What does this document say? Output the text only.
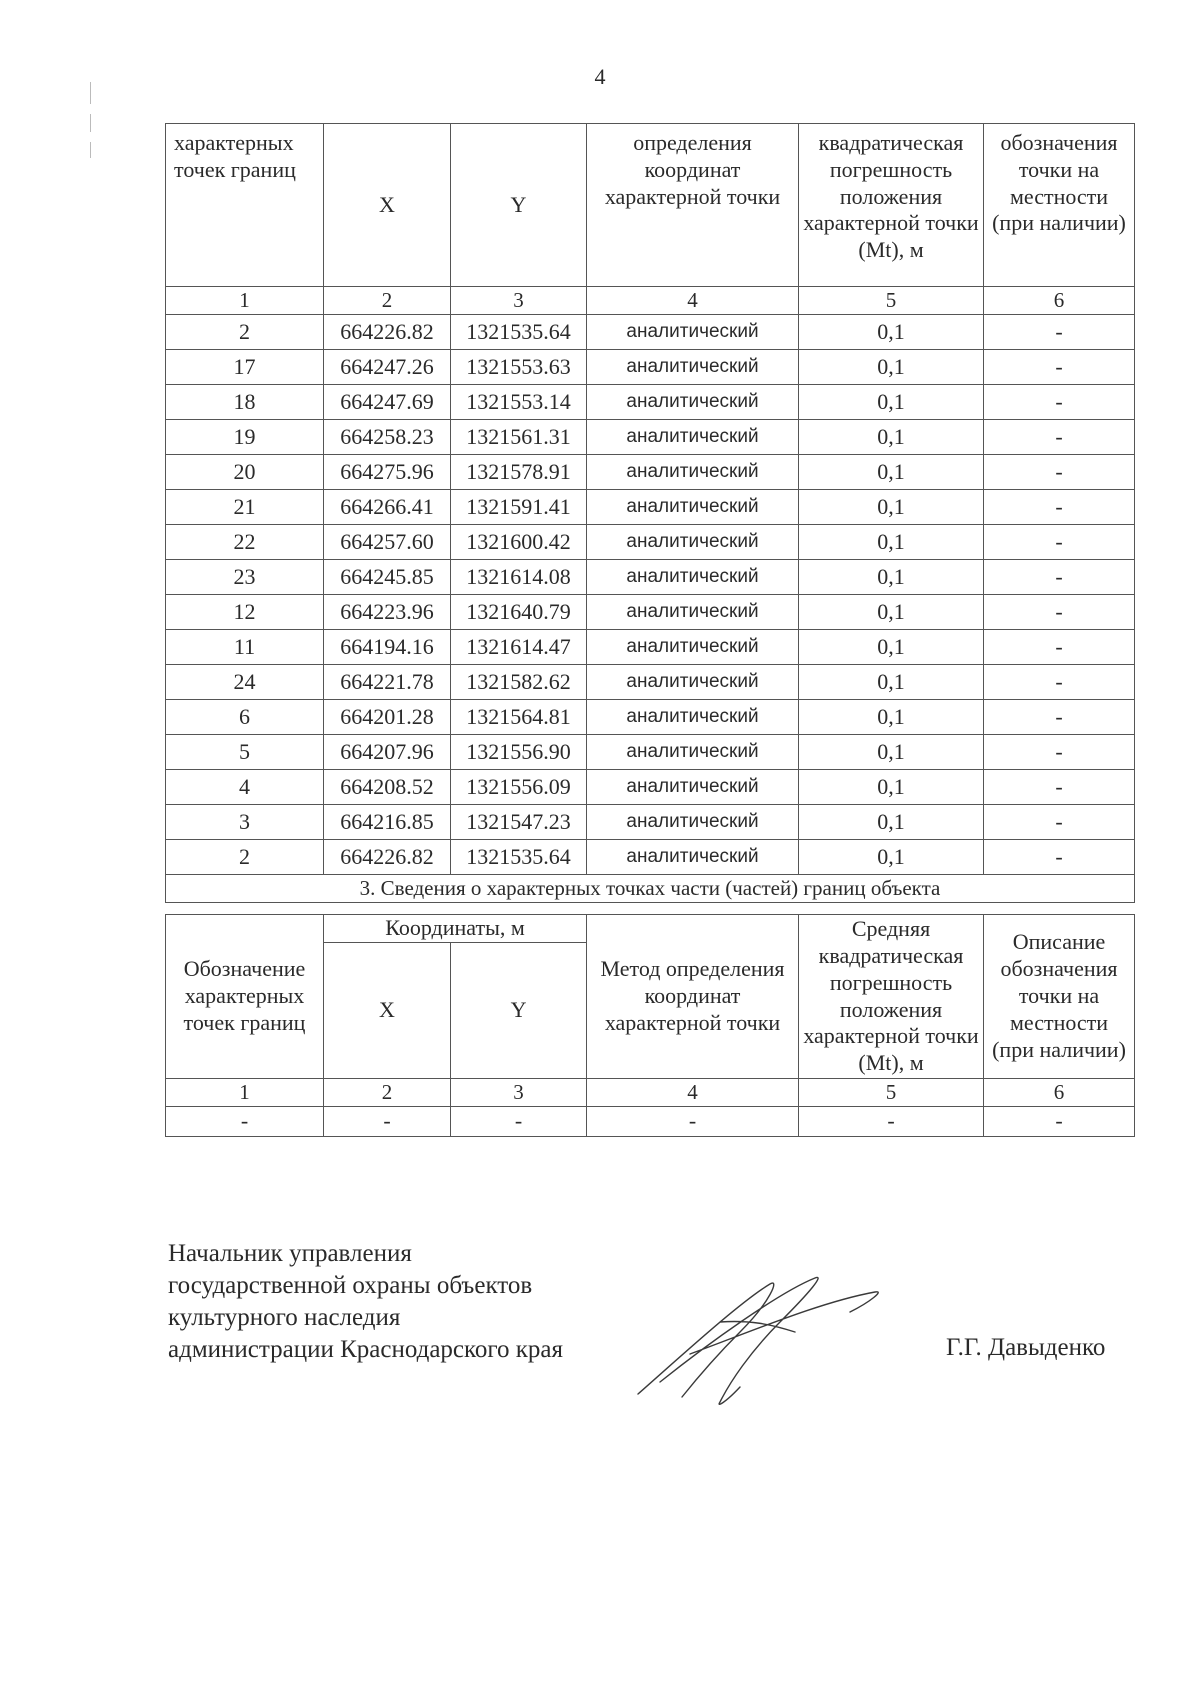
4
характерных точек границ	X	Y	определения координат характерной точки	квадратическая погрешность положения характерной точки (Mt), м	обозначения точки на местности (при наличии)
1	2	3	4	5	6
2	664226.82	1321535.64	аналитический	0,1	-
17	664247.26	1321553.63	аналитический	0,1	-
18	664247.69	1321553.14	аналитический	0,1	-
19	664258.23	1321561.31	аналитический	0,1	-
20	664275.96	1321578.91	аналитический	0,1	-
21	664266.41	1321591.41	аналитический	0,1	-
22	664257.60	1321600.42	аналитический	0,1	-
23	664245.85	1321614.08	аналитический	0,1	-
12	664223.96	1321640.79	аналитический	0,1	-
11	664194.16	1321614.47	аналитический	0,1	-
24	664221.78	1321582.62	аналитический	0,1	-
6	664201.28	1321564.81	аналитический	0,1	-
5	664207.96	1321556.90	аналитический	0,1	-
4	664208.52	1321556.09	аналитический	0,1	-
3	664216.85	1321547.23	аналитический	0,1	-
2	664226.82	1321535.64	аналитический	0,1	-
3. Сведения о характерных точках части (частей) границ объекта					
Обозначение характерных точек границ	Координаты, м		Метод определения координат характерной точки	Средняя квадратическая погрешность положения характерной точки (Mt), м	Описание обозначения точки на местности (при наличии)
	X	Y			
1	2	3	4	5	6
-	-	-	-	-	-
Начальник управления
государственной охраны объектов
культурного наследия
администрации Краснодарского края	Г.Г. Давыденко
